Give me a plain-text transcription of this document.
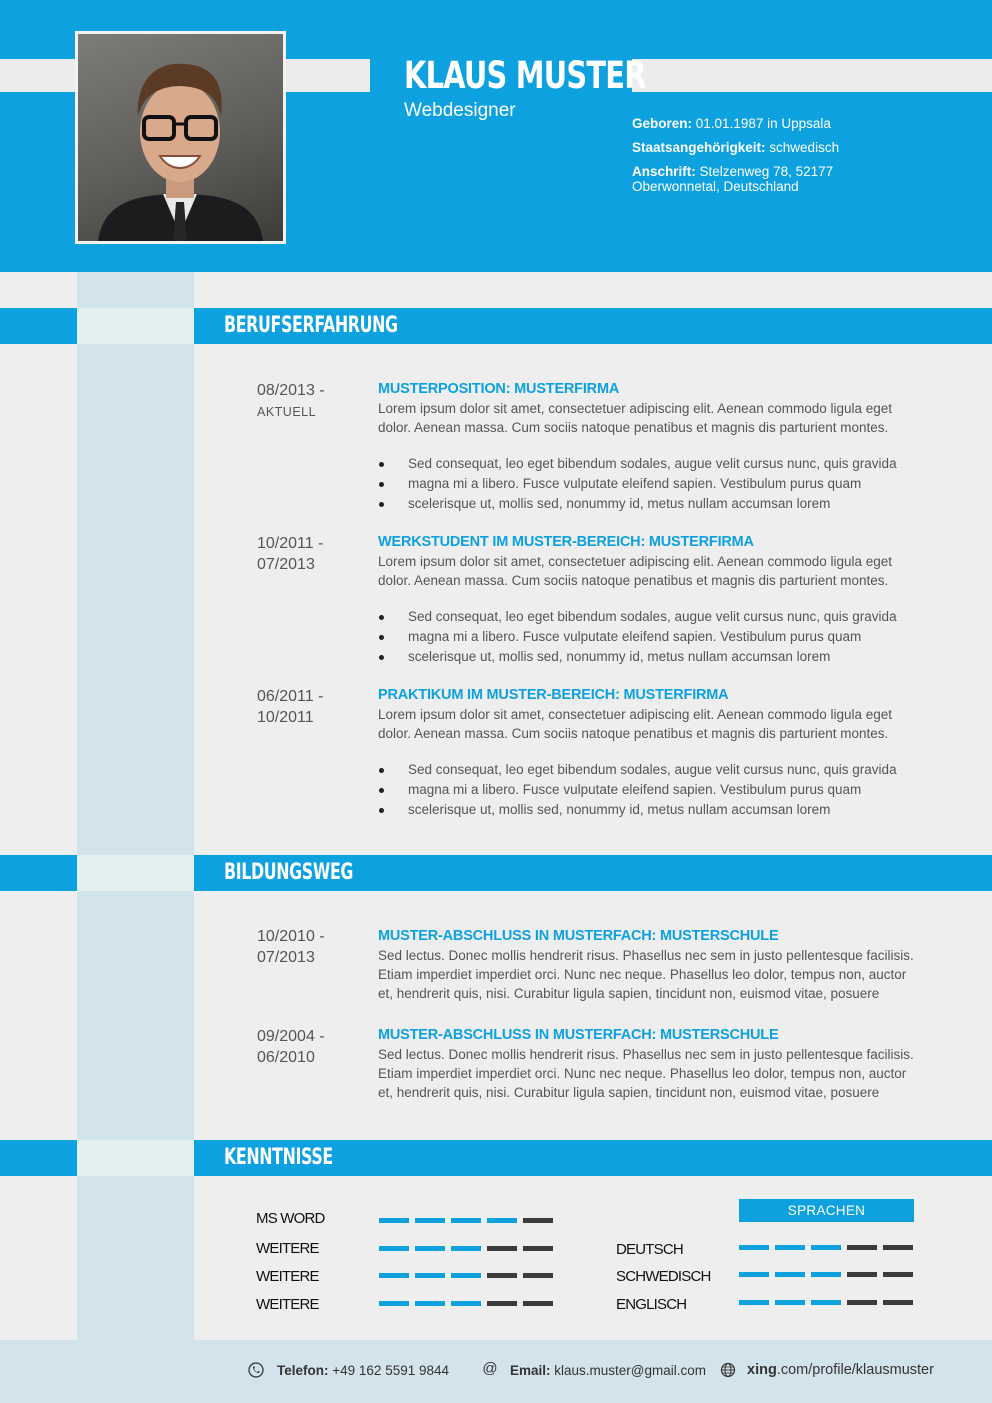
KLAUS MUSTER
Webdesigner
Geboren: 01.01.1987 in Uppsala
Staatsangehörigkeit: schwedisch
Anschrift: Stelzenweg 78, 52177
Oberwonnetal, Deutschland
BERUFSERFAHRUNG
08/2013 -
AKTUELL
MUSTERPOSITION: MUSTERFIRMA
Lorem ipsum dolor sit amet, consectetuer adipiscing elit. Aenean commodo ligula eget dolor. Aenean massa. Cum sociis natoque penatibus et magnis dis parturient montes.
Sed consequat, leo eget bibendum sodales, augue velit cursus nunc, quis gravida
magna mi a libero. Fusce vulputate eleifend sapien. Vestibulum purus quam
scelerisque ut, mollis sed, nonummy id, metus nullam accumsan lorem
10/2011 -
07/2013
WERKSTUDENT IM MUSTER-BEREICH: MUSTERFIRMA
Lorem ipsum dolor sit amet, consectetuer adipiscing elit. Aenean commodo ligula eget dolor. Aenean massa. Cum sociis natoque penatibus et magnis dis parturient montes.
Sed consequat, leo eget bibendum sodales, augue velit cursus nunc, quis gravida
magna mi a libero. Fusce vulputate eleifend sapien. Vestibulum purus quam
scelerisque ut, mollis sed, nonummy id, metus nullam accumsan lorem
06/2011 -
10/2011
PRAKTIKUM IM MUSTER-BEREICH: MUSTERFIRMA
Lorem ipsum dolor sit amet, consectetuer adipiscing elit. Aenean commodo ligula eget dolor. Aenean massa. Cum sociis natoque penatibus et magnis dis parturient montes.
Sed consequat, leo eget bibendum sodales, augue velit cursus nunc, quis gravida
magna mi a libero. Fusce vulputate eleifend sapien. Vestibulum purus quam
scelerisque ut, mollis sed, nonummy id, metus nullam accumsan lorem
BILDUNGSWEG
10/2010 -
07/2013
MUSTER-ABSCHLUSS IN MUSTERFACH: MUSTERSCHULE
Sed lectus. Donec mollis hendrerit risus. Phasellus nec sem in justo pellentesque facilisis. Etiam imperdiet imperdiet orci. Nunc nec neque. Phasellus leo dolor, tempus non, auctor et, hendrerit quis, nisi. Curabitur ligula sapien, tincidunt non, euismod vitae, posuere
09/2004 -
06/2010
MUSTER-ABSCHLUSS IN MUSTERFACH: MUSTERSCHULE
Sed lectus. Donec mollis hendrerit risus. Phasellus nec sem in justo pellentesque facilisis. Etiam imperdiet imperdiet orci. Nunc nec neque. Phasellus leo dolor, tempus non, auctor et, hendrerit quis, nisi. Curabitur ligula sapien, tincidunt non, euismod vitae, posuere
KENNTNISSE
MS WORD
WEITERE
WEITERE
WEITERE
SPRACHEN
DEUTSCH
SCHWEDISCH
ENGLISCH
Telefon: +49 162 5591 9844 @ Email: klaus.muster@gmail.com	xing.com/profile/klausmuster
